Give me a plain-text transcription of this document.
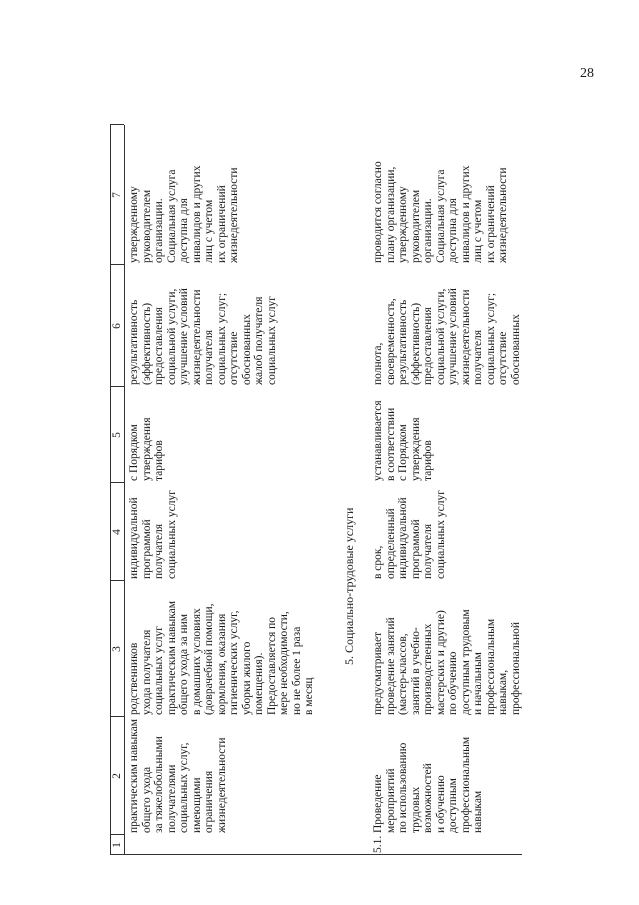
28
1
2
3
4
5
6
7
практическим навыкам
общего ухода
за тяжелобольными
получателями
социальных услуг,
имеющими ограничения
жизнедеятельности
родственников
ухода получателя
социальных услуг
практическим навыкам
общего ухода за ним
в домашних условиях
(доврачебной помощи,
кормления, оказания
гигиенических услуг,
уборки жилого
помещения).
Предоставляется по
мере необходимости,
но не более 1 раза
в месяц
индивидуальной
программой
получателя
социальных услуг
с Порядком
утверждения
тарифов
результативность
(эффективность)
предоставления
социальной услуги,
улучшение условий
жизнедеятельности
получателя
социальных услуг;
отсутствие
обоснованных
жалоб получателя
социальных услуг
утвержденному
руководителем
организации.
Социальная услуга
доступна для
инвалидов и других
лиц с учетом
их ограничений
жизнедеятельности
5. Социально-трудовые услуги
5.1.
Проведение
мероприятий
по использованию
трудовых возможностей
и обучению доступным
профессиональным
навыкам
предусматривает
проведение занятий
(мастер-классов,
занятий в учебно-
производственных
мастерских и другие)
по обучению
доступным трудовым
и начальным
профессиональным
навыкам,
профессиональной
в срок,
определенный
индивидуальной
программой
получателя
социальных услуг
устанавливается
в соответствии
с Порядком
утверждения
тарифов
полнота,
своевременность,
результативность
(эффективность)
предоставления
социальной услуги,
улучшение условий
жизнедеятельности
получателя
социальных услуг;
отсутствие
обоснованных
проводится согласно
плану организации,
утвержденному
руководителем
организации.
Социальная услуга
доступна для
инвалидов и других
лиц с учетом
их ограничений
жизнедеятельности
